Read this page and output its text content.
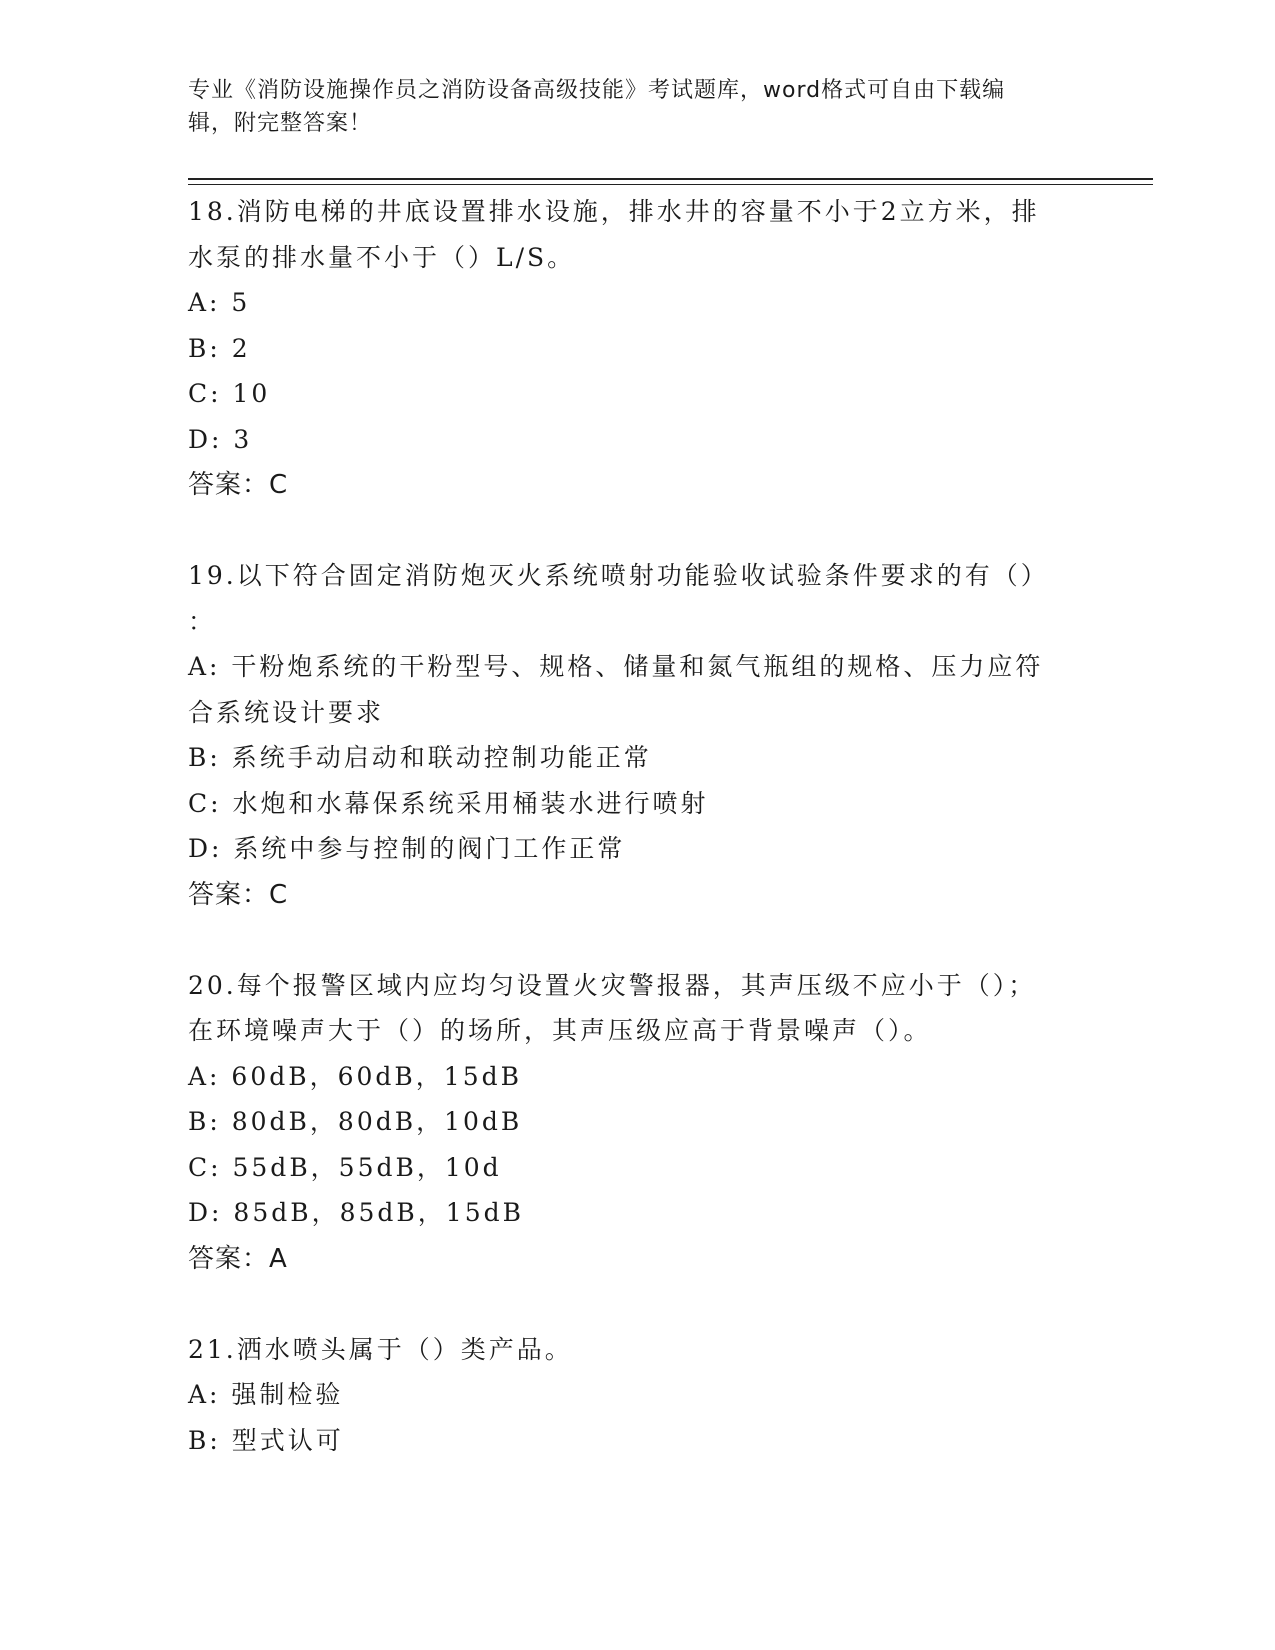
专业《消防设施操作员之消防设备高级技能》考试题库，word格式可自由下载编
辑，附完整答案！
18.消防电梯的井底设置排水设施，排水井的容量不小于2立方米，排
水泵的排水量不小于（）L/S。
A: 5
B: 2
C: 10
D: 3
答案：C
19.以下符合固定消防炮灭火系统喷射功能验收试验条件要求的有（）
：
A: 干粉炮系统的干粉型号、规格、储量和氮气瓶组的规格、压力应符
合系统设计要求
B: 系统手动启动和联动控制功能正常
C: 水炮和水幕保系统采用桶装水进行喷射
D: 系统中参与控制的阀门工作正常
答案：C
20.每个报警区域内应均匀设置火灾警报器，其声压级不应小于（）；
在环境噪声大于（）的场所，其声压级应高于背景噪声（）。
A: 60dB，60dB，15dB
B: 80dB，80dB，10dB
C: 55dB，55dB，10d
D: 85dB，85dB，15dB
答案：A
21.洒水喷头属于（）类产品。
A: 强制检验
B: 型式认可
